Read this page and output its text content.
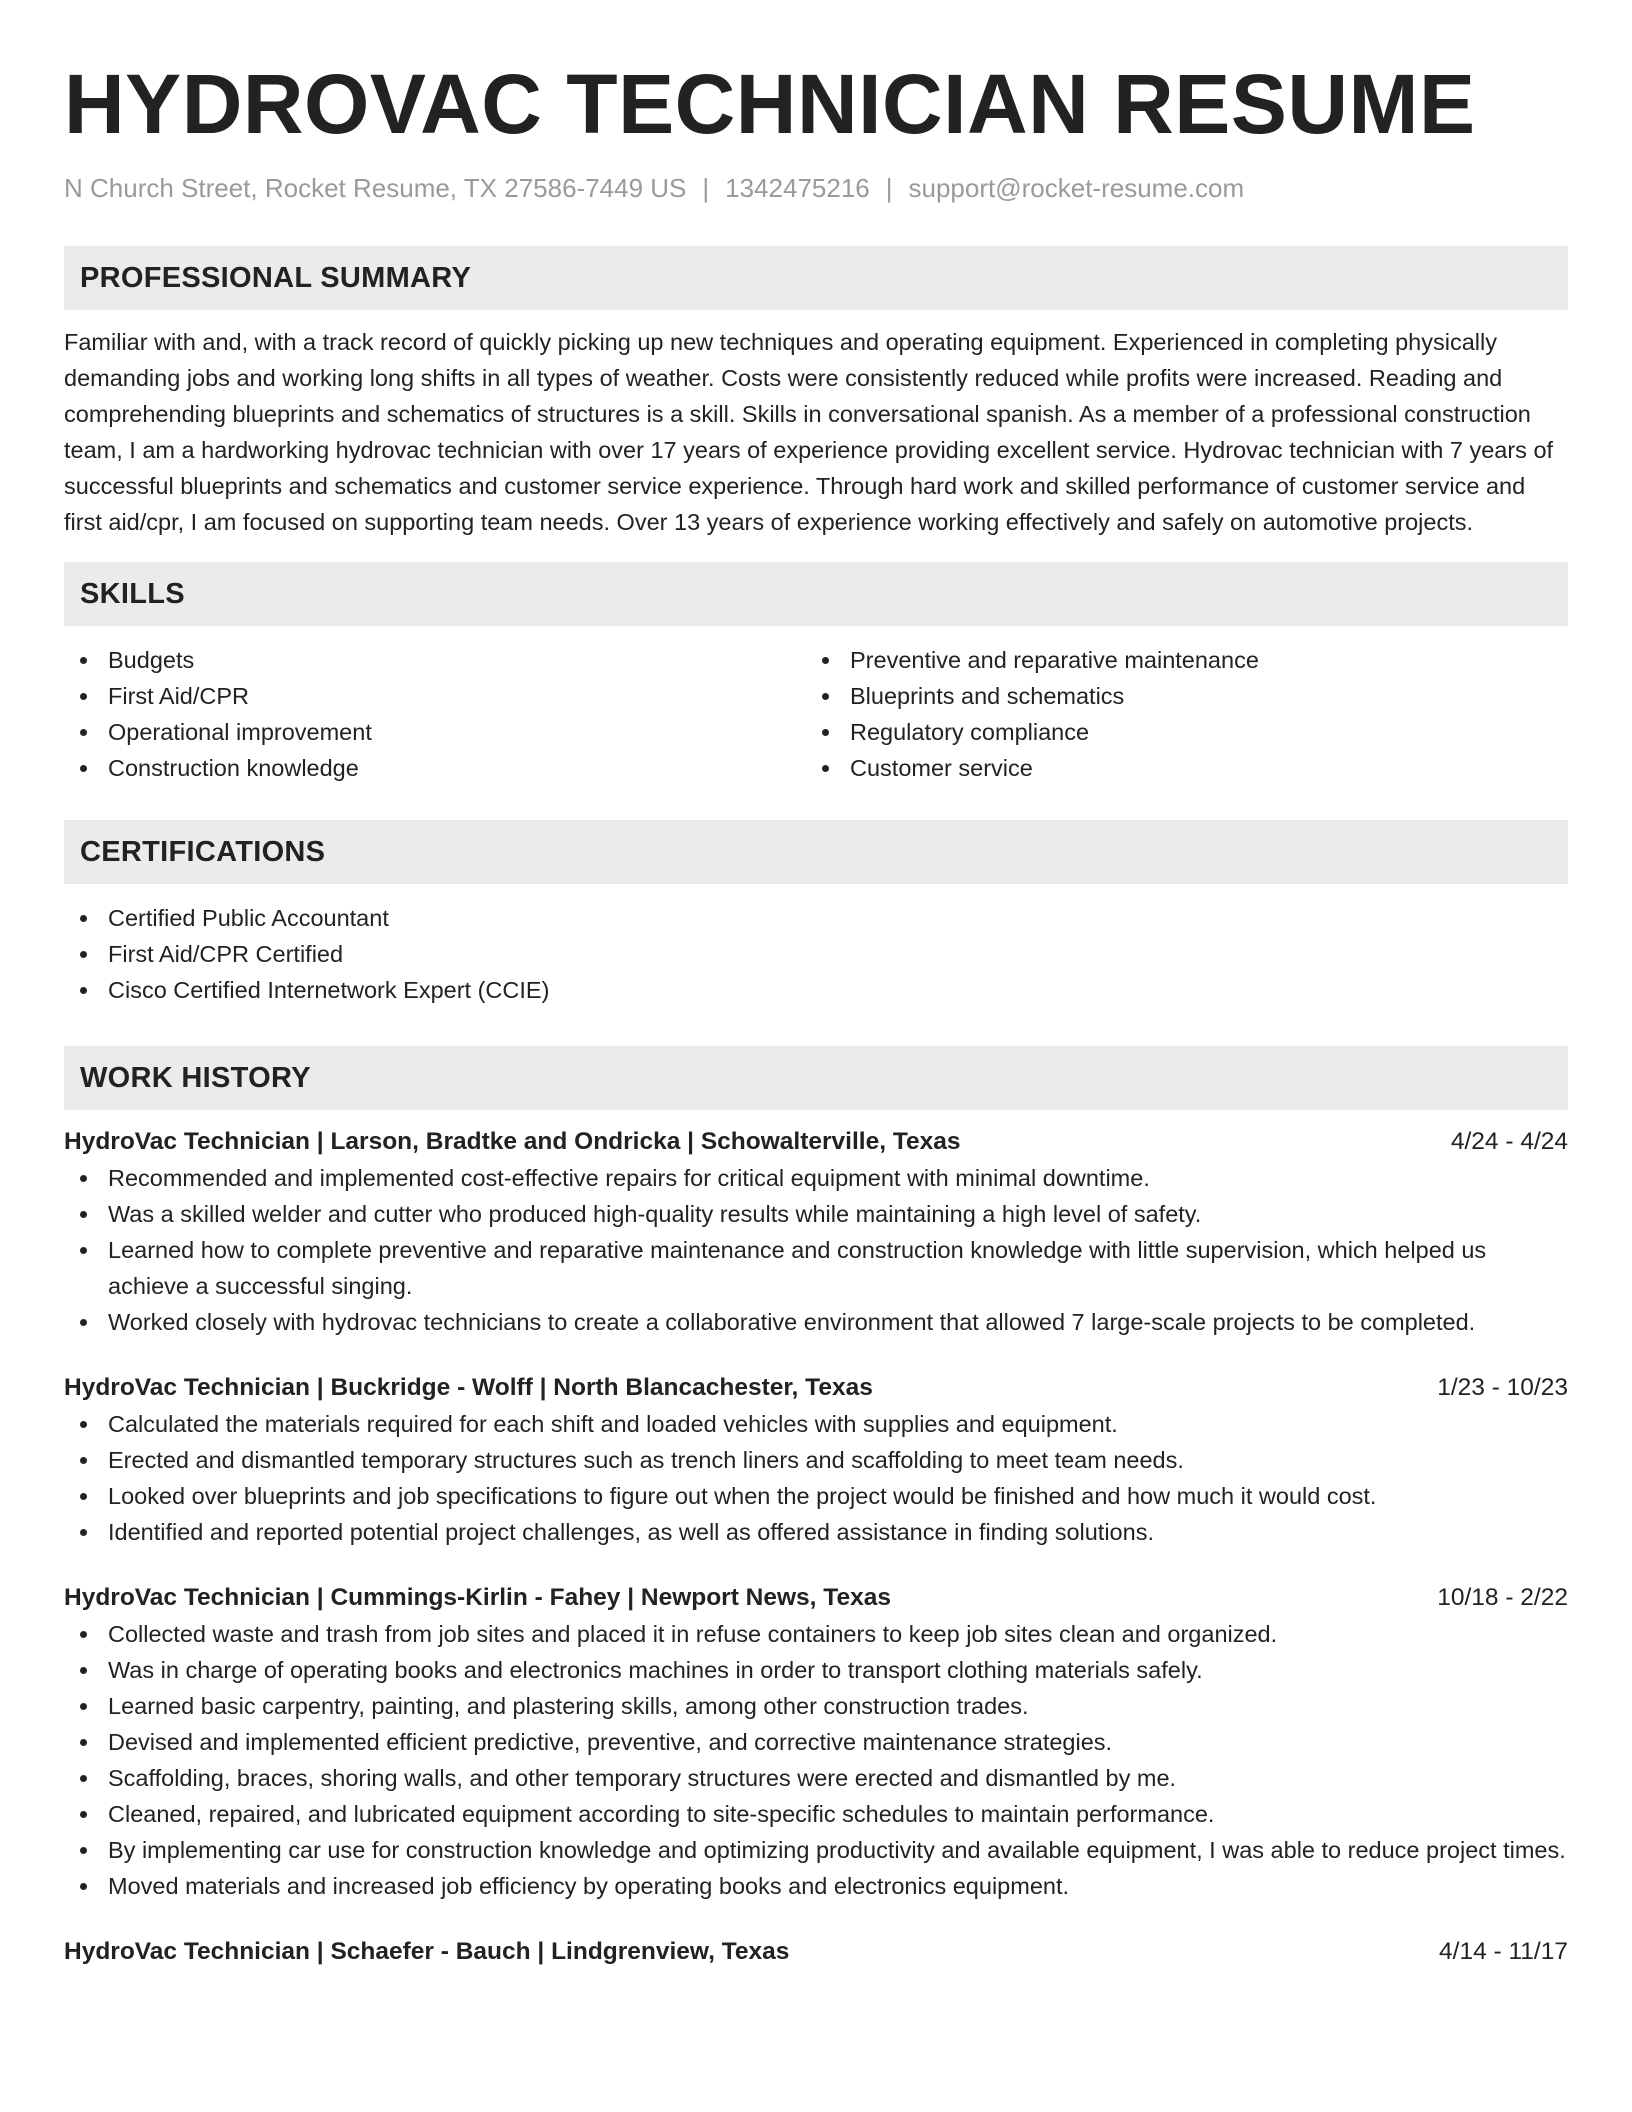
HYDROVAC TECHNICIAN RESUME
N Church Street, Rocket Resume, TX 27586-7449 US | 1342475216 | support@rocket-resume.com
PROFESSIONAL SUMMARY
Familiar with and, with a track record of quickly picking up new techniques and operating equipment. Experienced in completing physically demanding jobs and working long shifts in all types of weather. Costs were consistently reduced while profits were increased. Reading and comprehending blueprints and schematics of structures is a skill. Skills in conversational spanish. As a member of a professional construction team, I am a hardworking hydrovac technician with over 17 years of experience providing excellent service. Hydrovac technician with 7 years of successful blueprints and schematics and customer service experience. Through hard work and skilled performance of customer service and first aid/cpr, I am focused on supporting team needs. Over 13 years of experience working effectively and safely on automotive projects.
SKILLS
Budgets
First Aid/CPR
Operational improvement
Construction knowledge
Preventive and reparative maintenance
Blueprints and schematics
Regulatory compliance
Customer service
CERTIFICATIONS
Certified Public Accountant
First Aid/CPR Certified
Cisco Certified Internetwork Expert (CCIE)
WORK HISTORY
HydroVac Technician | Larson, Bradtke and Ondricka | Schowalterville, Texas	4/24 - 4/24
Recommended and implemented cost-effective repairs for critical equipment with minimal downtime.
Was a skilled welder and cutter who produced high-quality results while maintaining a high level of safety.
Learned how to complete preventive and reparative maintenance and construction knowledge with little supervision, which helped us achieve a successful singing.
Worked closely with hydrovac technicians to create a collaborative environment that allowed 7 large-scale projects to be completed.
HydroVac Technician | Buckridge - Wolff | North Blancachester, Texas	1/23 - 10/23
Calculated the materials required for each shift and loaded vehicles with supplies and equipment.
Erected and dismantled temporary structures such as trench liners and scaffolding to meet team needs.
Looked over blueprints and job specifications to figure out when the project would be finished and how much it would cost.
Identified and reported potential project challenges, as well as offered assistance in finding solutions.
HydroVac Technician | Cummings-Kirlin - Fahey | Newport News, Texas	10/18 - 2/22
Collected waste and trash from job sites and placed it in refuse containers to keep job sites clean and organized.
Was in charge of operating books and electronics machines in order to transport clothing materials safely.
Learned basic carpentry, painting, and plastering skills, among other construction trades.
Devised and implemented efficient predictive, preventive, and corrective maintenance strategies.
Scaffolding, braces, shoring walls, and other temporary structures were erected and dismantled by me.
Cleaned, repaired, and lubricated equipment according to site-specific schedules to maintain performance.
By implementing car use for construction knowledge and optimizing productivity and available equipment, I was able to reduce project times.
Moved materials and increased job efficiency by operating books and electronics equipment.
HydroVac Technician | Schaefer - Bauch | Lindgrenview, Texas	4/14 - 11/17
